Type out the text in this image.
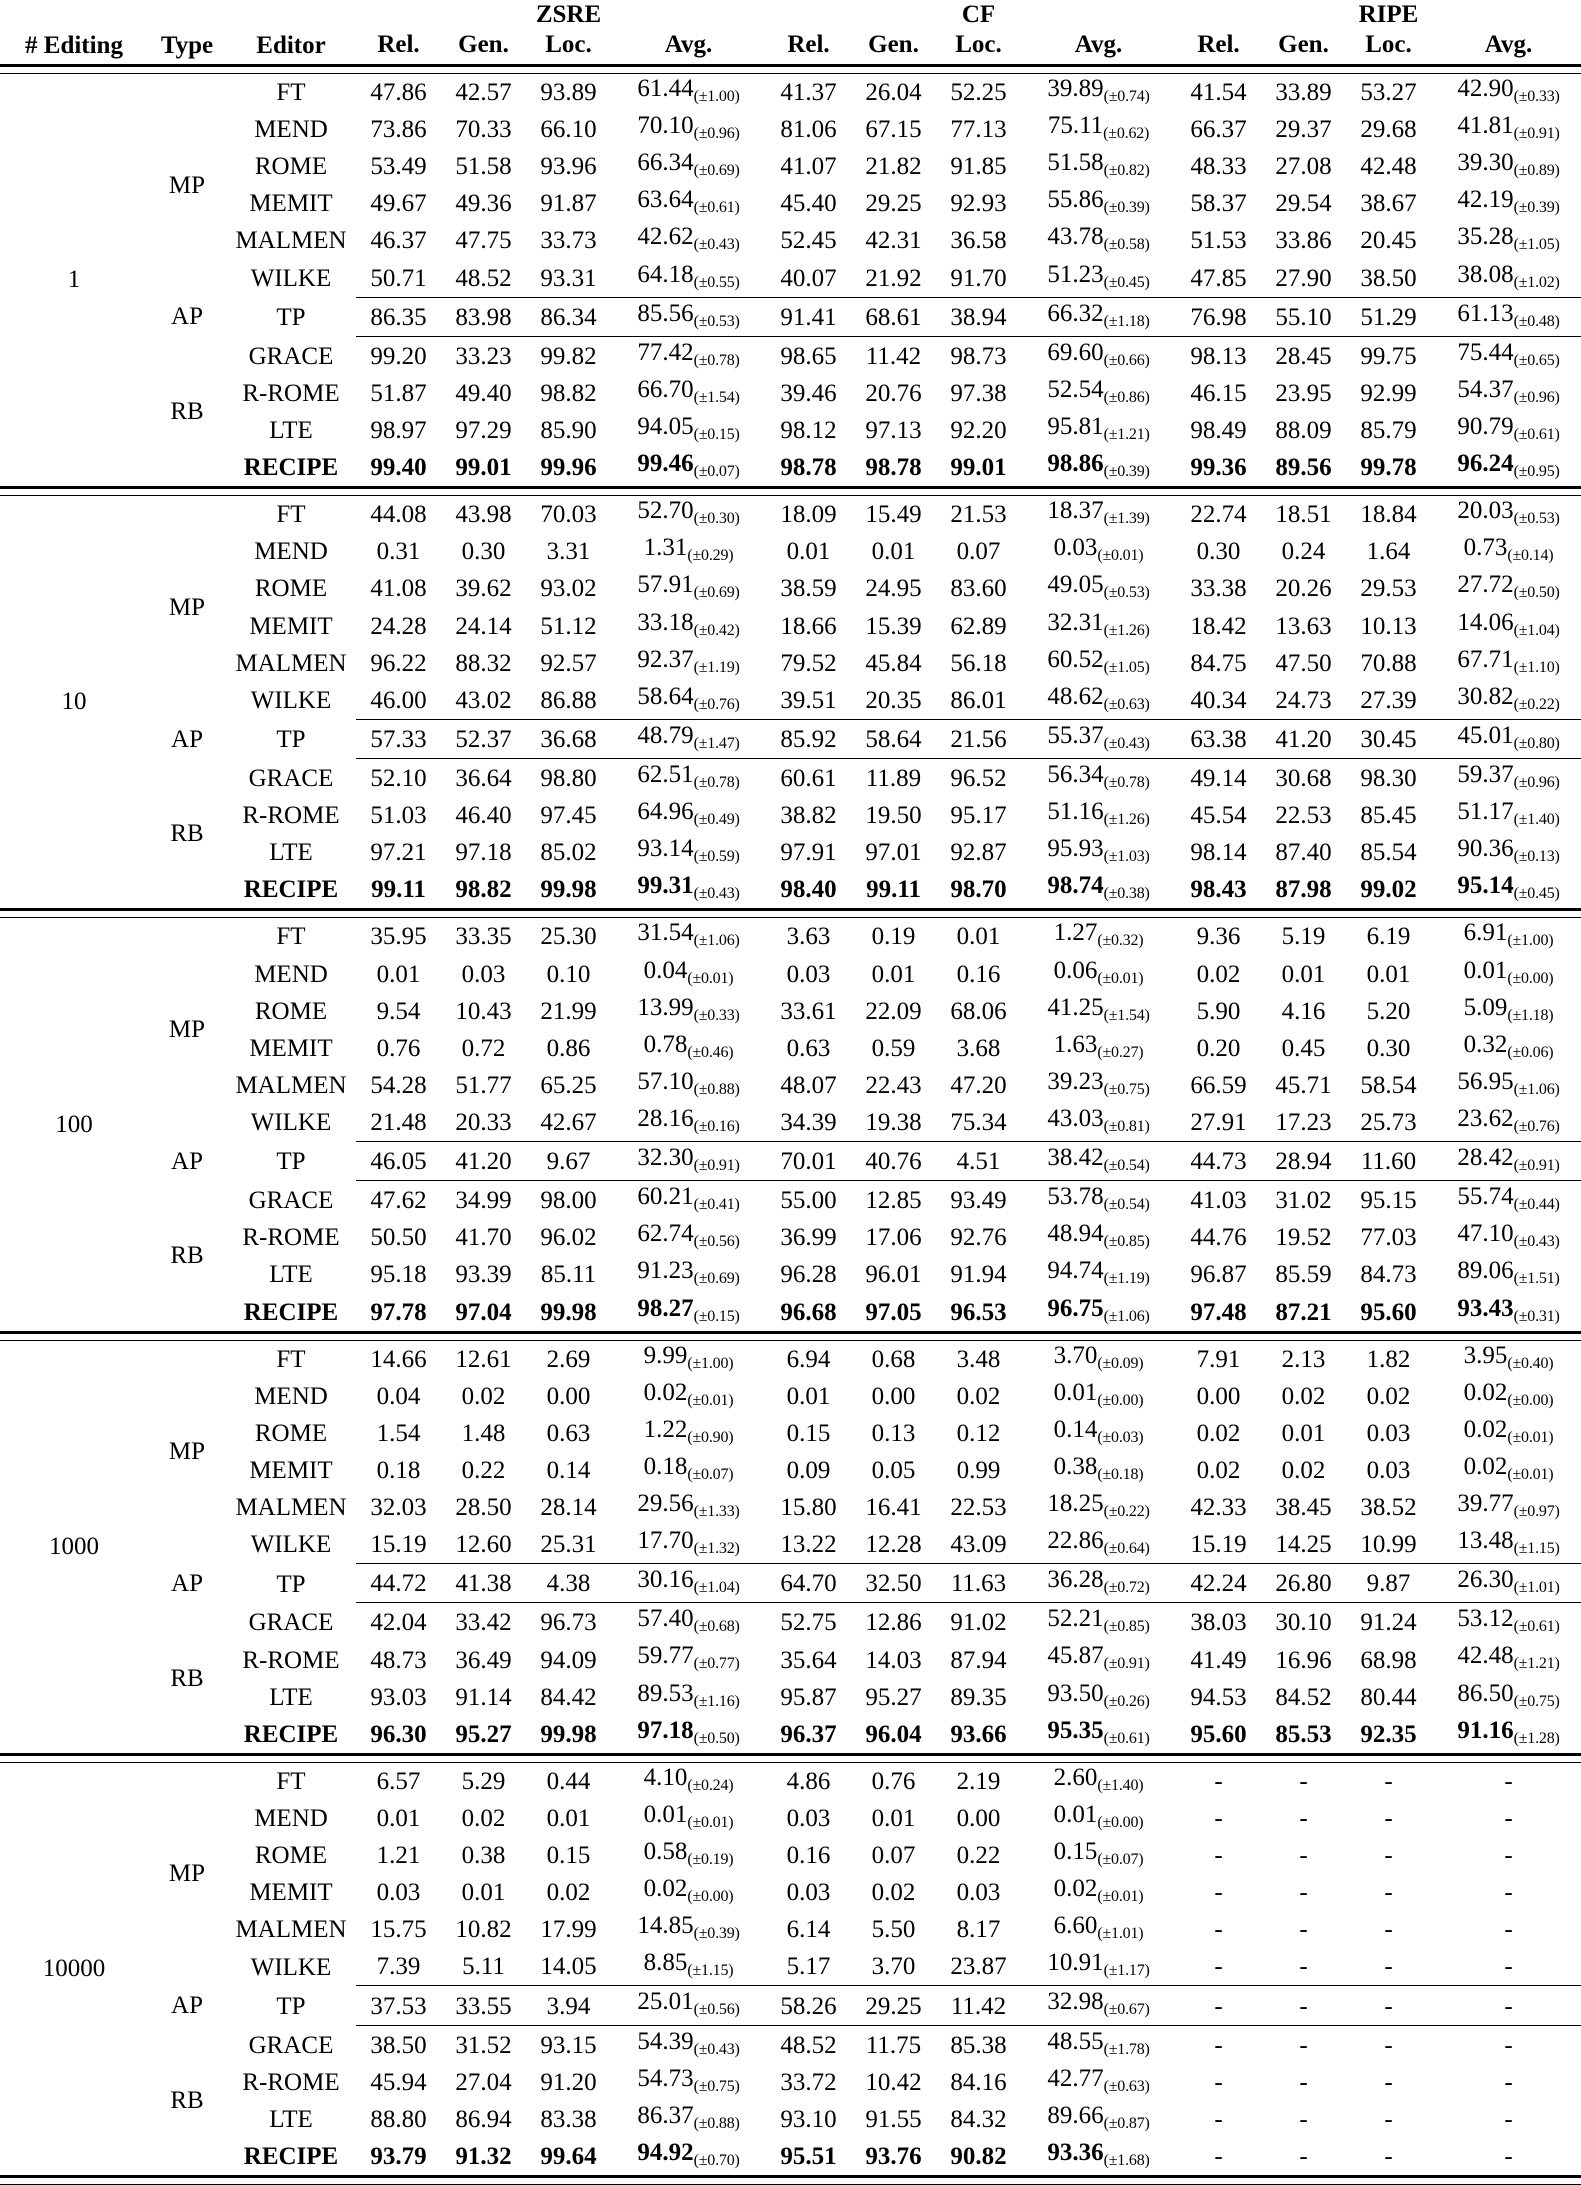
# Editing	Type	Editor			ZSRE				CF				RIPE	
			Rel.	Gen.	Loc.	Avg.	Rel.	Gen.	Loc.	Avg.	Rel.	Gen.	Loc.	Avg.

1	MP	FT	47.86	42.57	93.89	$61.44_{(\pm 1.00)}$	41.37	26.04	52.25	$39.89_{(\pm 0.74)}$	41.54	33.89	53.27	$42.90_{(\pm 0.33)}$
		MEND	73.86	70.33	66.10	$70.10_{(\pm 0.96)}$	81.06	67.15	77.13	$75.11_{(\pm 0.62)}$	66.37	29.37	29.68	$41.81_{(\pm 0.91)}$
		ROME	53.49	51.58	93.96	$66.34_{(\pm 0.69)}$	41.07	21.82	91.85	$51.58_{(\pm 0.82)}$	48.33	27.08	42.48	$39.30_{(\pm 0.89)}$
		MEMIT	49.67	49.36	91.87	$63.64_{(\pm 0.61)}$	45.40	29.25	92.93	$55.86_{(\pm 0.39)}$	58.37	29.54	38.67	$42.19_{(\pm 0.39)}$
		MALMEN	46.37	47.75	33.73	$42.62_{(\pm 0.43)}$	52.45	42.31	36.58	$43.78_{(\pm 0.58)}$	51.53	33.86	20.45	$35.28_{(\pm 1.05)}$
		WILKE	50.71	48.52	93.31	$64.18_{(\pm 0.55)}$	40.07	21.92	91.70	$51.23_{(\pm 0.45)}$	47.85	27.90	38.50	$38.08_{(\pm 1.02)}$

	AP	TP	86.35	83.98	86.34	$85.56_{(\pm 0.53)}$	91.41	68.61	38.94	$66.32_{(\pm 1.18)}$	76.98	55.10	51.29	$61.13_{(\pm 0.48)}$

	RB	GRACE	99.20	33.23	99.82	$77.42_{(\pm 0.78)}$	98.65	11.42	98.73	$69.60_{(\pm 0.66)}$	98.13	28.45	99.75	$75.44_{(\pm 0.65)}$
		R-ROME	51.87	49.40	98.82	$66.70_{(\pm 1.54)}$	39.46	20.76	97.38	$52.54_{(\pm 0.86)}$	46.15	23.95	92.99	$54.37_{(\pm 0.96)}$
		LTE	98.97	97.29	85.90	$94.05_{(\pm 0.15)}$	98.12	97.13	92.20	$95.81_{(\pm 1.21)}$	98.49	88.09	85.79	$90.79_{(\pm 0.61)}$
		RECIPE	99.40	99.01	99.96	$99.46_{(\pm 0.07)}$	98.78	98.78	99.01	$98.86_{(\pm 0.39)}$	99.36	89.56	99.78	$96.24_{(\pm 0.95)}$

10	MP	FT	44.08	43.98	70.03	$52.70_{(\pm 0.30)}$	18.09	15.49	21.53	$18.37_{(\pm 1.39)}$	22.74	18.51	18.84	$20.03_{(\pm 0.53)}$
		MEND	0.31	0.30	3.31	$1.31_{(\pm 0.29)}$	0.01	0.01	0.07	$0.03_{(\pm 0.01)}$	0.30	0.24	1.64	$0.73_{(\pm 0.14)}$
		ROME	41.08	39.62	93.02	$57.91_{(\pm 0.69)}$	38.59	24.95	83.60	$49.05_{(\pm 0.53)}$	33.38	20.26	29.53	$27.72_{(\pm 0.50)}$
		MEMIT	24.28	24.14	51.12	$33.18_{(\pm 0.42)}$	18.66	15.39	62.89	$32.31_{(\pm 1.26)}$	18.42	13.63	10.13	$14.06_{(\pm 1.04)}$
		MALMEN	96.22	88.32	92.57	$92.37_{(\pm 1.19)}$	79.52	45.84	56.18	$60.52_{(\pm 1.05)}$	84.75	47.50	70.88	$67.71_{(\pm 1.10)}$
		WILKE	46.00	43.02	86.88	$58.64_{(\pm 0.76)}$	39.51	20.35	86.01	$48.62_{(\pm 0.63)}$	40.34	24.73	27.39	$30.82_{(\pm 0.22)}$

	AP	TP	57.33	52.37	36.68	$48.79_{(\pm 1.47)}$	85.92	58.64	21.56	$55.37_{(\pm 0.43)}$	63.38	41.20	30.45	$45.01_{(\pm 0.80)}$

	RB	GRACE	52.10	36.64	98.80	$62.51_{(\pm 0.78)}$	60.61	11.89	96.52	$56.34_{(\pm 0.78)}$	49.14	30.68	98.30	$59.37_{(\pm 0.96)}$
		R-ROME	51.03	46.40	97.45	$64.96_{(\pm 0.49)}$	38.82	19.50	95.17	$51.16_{(\pm 1.26)}$	45.54	22.53	85.45	$51.17_{(\pm 1.40)}$
		LTE	97.21	97.18	85.02	$93.14_{(\pm 0.59)}$	97.91	97.01	92.87	$95.93_{(\pm 1.03)}$	98.14	87.40	85.54	$90.36_{(\pm 0.13)}$
		RECIPE	99.11	98.82	99.98	$99.31_{(\pm 0.43)}$	98.40	99.11	98.70	$98.74_{(\pm 0.38)}$	98.43	87.98	99.02	$95.14_{(\pm 0.45)}$

100	MP	FT	35.95	33.35	25.30	$31.54_{(\pm 1.06)}$	3.63	0.19	0.01	$1.27_{(\pm 0.32)}$	9.36	5.19	6.19	$6.91_{(\pm 1.00)}$
		MEND	0.01	0.03	0.10	$0.04_{(\pm 0.01)}$	0.03	0.01	0.16	$0.06_{(\pm 0.01)}$	0.02	0.01	0.01	$0.01_{(\pm 0.00)}$
		ROME	9.54	10.43	21.99	$13.99_{(\pm 0.33)}$	33.61	22.09	68.06	$41.25_{(\pm 1.54)}$	5.90	4.16	5.20	$5.09_{(\pm 1.18)}$
		MEMIT	0.76	0.72	0.86	$0.78_{(\pm 0.46)}$	0.63	0.59	3.68	$1.63_{(\pm 0.27)}$	0.20	0.45	0.30	$0.32_{(\pm 0.06)}$
		MALMEN	54.28	51.77	65.25	$57.10_{(\pm 0.88)}$	48.07	22.43	47.20	$39.23_{(\pm 0.75)}$	66.59	45.71	58.54	$56.95_{(\pm 1.06)}$
		WILKE	21.48	20.33	42.67	$28.16_{(\pm 0.16)}$	34.39	19.38	75.34	$43.03_{(\pm 0.81)}$	27.91	17.23	25.73	$23.62_{(\pm 0.76)}$

	AP	TP	46.05	41.20	9.67	$32.30_{(\pm 0.91)}$	70.01	40.76	4.51	$38.42_{(\pm 0.54)}$	44.73	28.94	11.60	$28.42_{(\pm 0.91)}$

	RB	GRACE	47.62	34.99	98.00	$60.21_{(\pm 0.41)}$	55.00	12.85	93.49	$53.78_{(\pm 0.54)}$	41.03	31.02	95.15	$55.74_{(\pm 0.44)}$
		R-ROME	50.50	41.70	96.02	$62.74_{(\pm 0.56)}$	36.99	17.06	92.76	$48.94_{(\pm 0.85)}$	44.76	19.52	77.03	$47.10_{(\pm 0.43)}$
		LTE	95.18	93.39	85.11	$91.23_{(\pm 0.69)}$	96.28	96.01	91.94	$94.74_{(\pm 1.19)}$	96.87	85.59	84.73	$89.06_{(\pm 1.51)}$
		RECIPE	97.78	97.04	99.98	$98.27_{(\pm 0.15)}$	96.68	97.05	96.53	$96.75_{(\pm 1.06)}$	97.48	87.21	95.60	$93.43_{(\pm 0.31)}$

1000	MP	FT	14.66	12.61	2.69	$9.99_{(\pm 1.00)}$	6.94	0.68	3.48	$3.70_{(\pm 0.09)}$	7.91	2.13	1.82	$3.95_{(\pm 0.40)}$
		MEND	0.04	0.02	0.00	$0.02_{(\pm 0.01)}$	0.01	0.00	0.02	$0.01_{(\pm 0.00)}$	0.00	0.02	0.02	$0.02_{(\pm 0.00)}$
		ROME	1.54	1.48	0.63	$1.22_{(\pm 0.90)}$	0.15	0.13	0.12	$0.14_{(\pm 0.03)}$	0.02	0.01	0.03	$0.02_{(\pm 0.01)}$
		MEMIT	0.18	0.22	0.14	$0.18_{(\pm 0.07)}$	0.09	0.05	0.99	$0.38_{(\pm 0.18)}$	0.02	0.02	0.03	$0.02_{(\pm 0.01)}$
		MALMEN	32.03	28.50	28.14	$29.56_{(\pm 1.33)}$	15.80	16.41	22.53	$18.25_{(\pm 0.22)}$	42.33	38.45	38.52	$39.77_{(\pm 0.97)}$
		WILKE	15.19	12.60	25.31	$17.70_{(\pm 1.32)}$	13.22	12.28	43.09	$22.86_{(\pm 0.64)}$	15.19	14.25	10.99	$13.48_{(\pm 1.15)}$

	AP	TP	44.72	41.38	4.38	$30.16_{(\pm 1.04)}$	64.70	32.50	11.63	$36.28_{(\pm 0.72)}$	42.24	26.80	9.87	$26.30_{(\pm 1.01)}$

	RB	GRACE	42.04	33.42	96.73	$57.40_{(\pm 0.68)}$	52.75	12.86	91.02	$52.21_{(\pm 0.85)}$	38.03	30.10	91.24	$53.12_{(\pm 0.61)}$
		R-ROME	48.73	36.49	94.09	$59.77_{(\pm 0.77)}$	35.64	14.03	87.94	$45.87_{(\pm 0.91)}$	41.49	16.96	68.98	$42.48_{(\pm 1.21)}$
		LTE	93.03	91.14	84.42	$89.53_{(\pm 1.16)}$	95.87	95.27	89.35	$93.50_{(\pm 0.26)}$	94.53	84.52	80.44	$86.50_{(\pm 0.75)}$
		RECIPE	96.30	95.27	99.98	$97.18_{(\pm 0.50)}$	96.37	96.04	93.66	$95.35_{(\pm 0.61)}$	95.60	85.53	92.35	$91.16_{(\pm 1.28)}$

10000	MP	FT	6.57	5.29	0.44	$4.10_{(\pm 0.24)}$	4.86	0.76	2.19	$2.60_{(\pm 1.40)}$	-	-	-	-
		MEND	0.01	0.02	0.01	$0.01_{(\pm 0.01)}$	0.03	0.01	0.00	$0.01_{(\pm 0.00)}$	-	-	-	-
		ROME	1.21	0.38	0.15	$0.58_{(\pm 0.19)}$	0.16	0.07	0.22	$0.15_{(\pm 0.07)}$	-	-	-	-
		MEMIT	0.03	0.01	0.02	$0.02_{(\pm 0.00)}$	0.03	0.02	0.03	$0.02_{(\pm 0.01)}$	-	-	-	-
		MALMEN	15.75	10.82	17.99	$14.85_{(\pm 0.39)}$	6.14	5.50	8.17	$6.60_{(\pm 1.01)}$	-	-	-	-
		WILKE	7.39	5.11	14.05	$8.85_{(\pm 1.15)}$	5.17	3.70	23.87	$10.91_{(\pm 1.17)}$	-	-	-	-

	AP	TP	37.53	33.55	3.94	$25.01_{(\pm 0.56)}$	58.26	29.25	11.42	$32.98_{(\pm 0.67)}$	-	-	-	-

	RB	GRACE	38.50	31.52	93.15	$54.39_{(\pm 0.43)}$	48.52	11.75	85.38	$48.55_{(\pm 1.78)}$	-	-	-	-
		R-ROME	45.94	27.04	91.20	$54.73_{(\pm 0.75)}$	33.72	10.42	84.16	$42.77_{(\pm 0.63)}$	-	-	-	-
		LTE	88.80	86.94	83.38	$86.37_{(\pm 0.88)}$	93.10	91.55	84.32	$89.66_{(\pm 0.87)}$	-	-	-	-
		RECIPE	93.79	91.32	99.64	$94.92_{(\pm 0.70)}$	95.51	93.76	90.82	$93.36_{(\pm 1.68)}$	-	-	-	-
